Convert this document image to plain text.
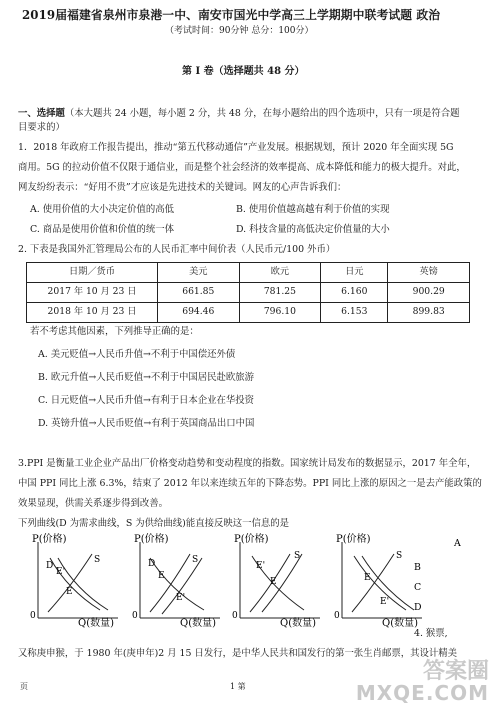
2019届福建省泉州市泉港一中、南安市国光中学高三上学期期中联考试题 政治
（考试时间：90分钟 总分：100分）
第 I 卷（选择题共 48 分）
一、选择题（本大题共 24 小题，每小题 2 分，共 48 分，在每小题给出的四个选项中，只有一项是符合题
目要求的）
1．2018 年政府工作报告提出，推动“第五代移动通信”产业发展。根据规划，预计 2020 年全面实现 5G
商用。5G 的拉动价值不仅限于通信业，而是整个社会经济的效率提高、成本降低和能力的极大提升。对此，
网友纷纷表示：“好用不贵”才应该是先进技术的关键词。网友的心声告诉我们：
A. 使用价值的大小决定价值的高低	B. 使用价值越高越有利于价值的实现
C. 商品是使用价值和价值的统一体	D. 科技含量的高低决定价值量的大小
2. 下表是我国外汇管理局公布的人民币汇率中间价表（人民币元/100 外币）
日期／货币	美元	欧元	日元	英镑
2017 年 10 月 23 日	661.85	781.25	6.160	900.29
2018 年 10 月 23 日	694.46	796.10	6.153	899.83
若不考虑其他因素，下列推导正确的是：
A. 美元贬值→人民币升值→不利于中国偿还外债
B. 欧元升值→人民币贬值→不利于中国居民赴欧旅游
C. 日元贬值→人民币升值→有利于日本企业在华投资
D. 英镑升值→人民币贬值→有利于英国商品出口中国
3.PPI 是衡量工业企业产品出厂价格变动趋势和变动程度的指数。国家统计局发布的数据显示，2017 年全年，
中国 PPI 同比上涨 6.3%，结束了 2012 年以来连续五年的下降态势。PPI 同比上涨的原因之一是去产能政策的
效果显现，供需关系逐步得到改善。
下列曲线(D 为需求曲线，S 为供给曲线)能直接反映这一信息的是
P(价格)
0
Q(数量)
S
D
E'
E
P(价格)
0
Q(数量)
D
E
E'
S
P(价格)
0
Q(数量)
E'
E
S
P(价格)
0
Q(数量)
S
E
E'
A
B
C
D
4. 猴票,
又称庚申猴，于 1980 年(庚申年)2 月 15 日发行，是中华人民共和国发行的第一张生肖邮票，其设计精美
页	1 第
答案圈
MXQE.COM
